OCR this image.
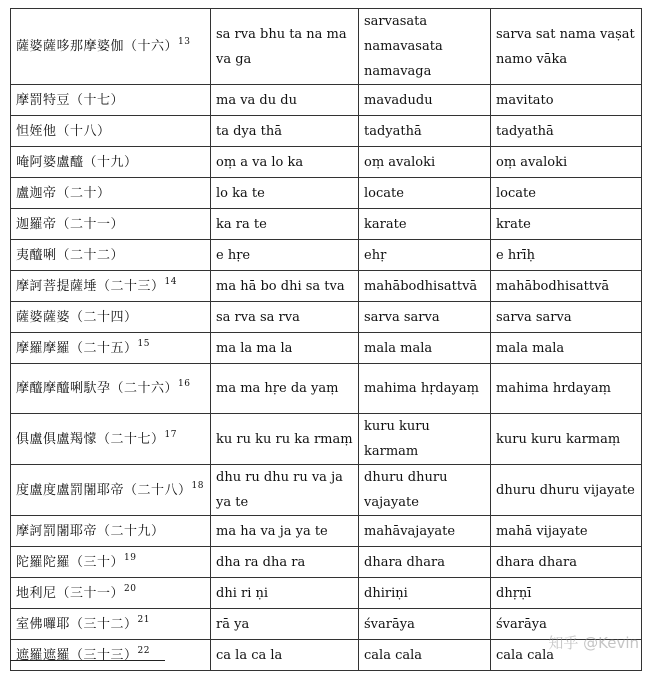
薩婆薩哆那摩婆伽（十六）$^{13}$	sa rva bhu ta na ma va ga	sarvasata namavasata namavaga	sarva sat nama vaṣat namo vāka
摩罰特豆（十七）	ma va du du	mavadudu	mavitato
怛姪他（十八）	ta dya thā	tadyathā	tadyathā
唵阿婆盧醯（十九）	oṃ a va lo ka	oṃ avaloki	oṃ avaloki
盧迦帝（二十）	lo ka te	locate	locate
迦羅帝（二十一）	ka ra te	karate	krate
夷醯唎（二十二）	e hṛe	ehṛ	e hrīḥ
摩訶菩提薩埵（二十三）$^{14}$	ma hā bo dhi sa tva	mahābodhisattvā	mahābodhisattvā
薩婆薩婆（二十四）	sa rva sa rva	sarva sarva	sarva sarva
摩羅摩羅（二十五）$^{15}$	ma la ma la	mala mala	mala mala
摩醯摩醯唎馱孕（二十六）$^{16}$	ma ma hṛe da yaṃ	mahima hṛdayaṃ	mahima hrdayaṃ
俱盧俱盧羯懞（二十七）$^{17}$	ku ru ku ru ka rmaṃ	kuru kuru karmam	kuru kuru karmaṃ
度盧度盧罰闍耶帝（二十八）$^{18}$	dhu ru dhu ru va ja ya te	dhuru dhuru vajayate	dhuru dhuru vijayate
摩訶罰闍耶帝（二十九）	ma ha va ja ya te	mahāvajayate	mahā vijayate
陀羅陀羅（三十）$^{19}$	dha ra dha ra	dhara dhara	dhara dhara
地利尼（三十一）$^{20}$	dhi ri ṇi	dhiriṇi	dhṛṇī
室佛囉耶（三十二）$^{21}$	rā ya	śvarāya	śvarāya
遮羅遮羅（三十三）$^{22}$	ca la ca la	cala cala	cala cala
知乎 @Kevin
